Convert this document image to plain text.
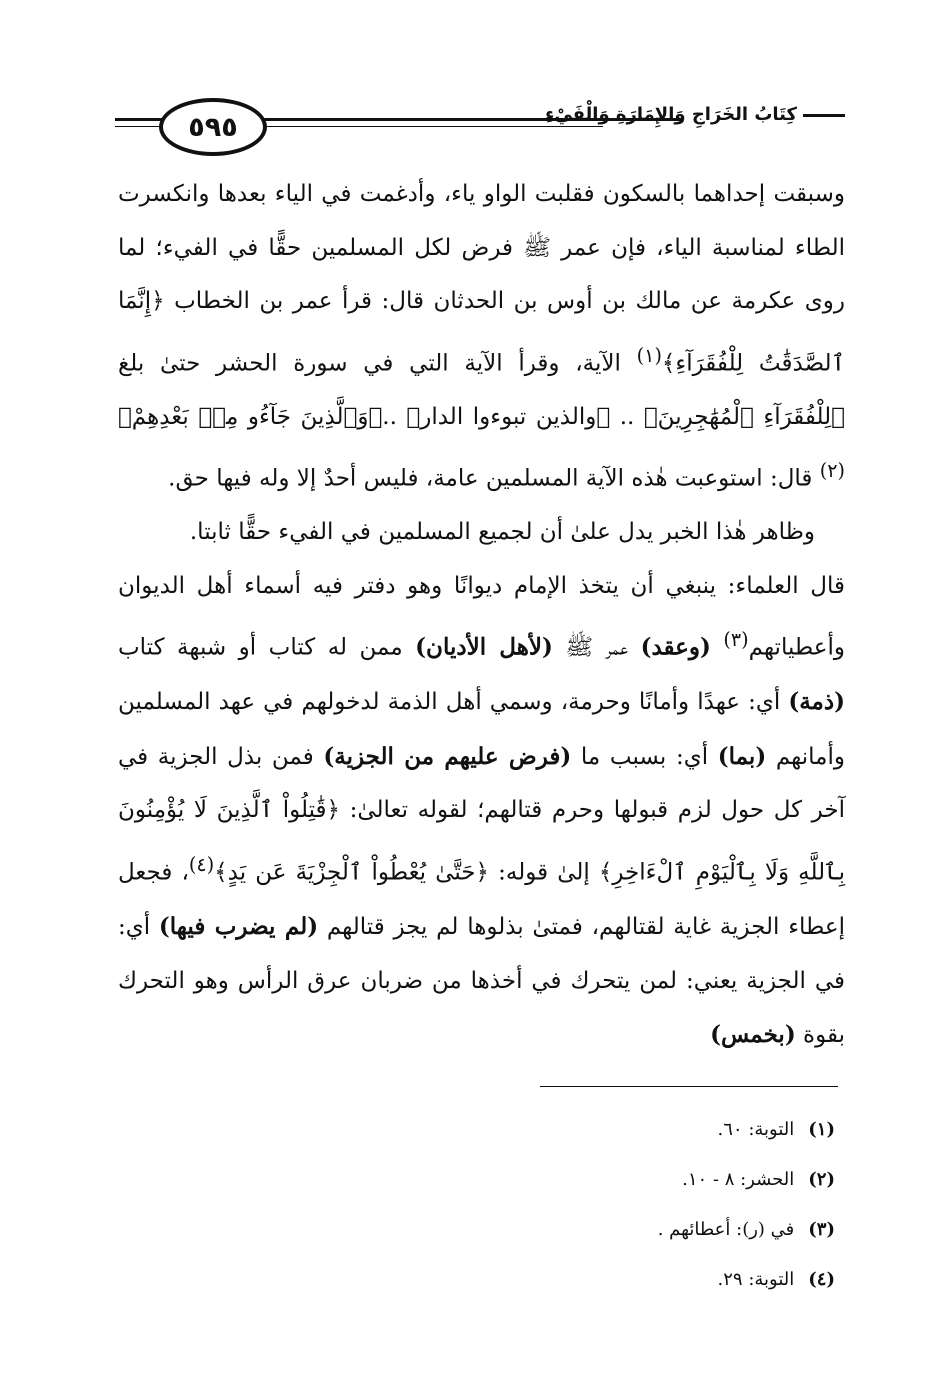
٥٩٥	كِتَابُ الخَرَاجِ وَالإِمَارَةِ وَالْفَيْءِ

وسبقت إحداهما بالسكون فقلبت الواو ياء، وأدغمت في الياء بعدها وانكسرت الطاء لمناسبة الياء، فإن عمر ﷺ فرض لكل المسلمين حقًّا في الفيء؛ لما روى عكرمة عن مالك بن أوس بن الحدثان قال: قرأ عمر بن الخطاب ﴿إِنَّمَا ٱلصَّدَقَٰتُ لِلْفُقَرَآءِ﴾$^{(١)}$ الآية، وقرأ الآية التي في سورة الحشر حتىٰ بلغ ﴿لِلْفُقَرَآءِ ٱلْمُهَٰجِرِينَ﴾ .. ﴿والذين تبوءوا الدار﴾ ..﴿وَٱلَّذِينَ جَآءُو مِنۢ بَعْدِهِمْ﴾$^{(٢)}$ قال: استوعبت هٰذه الآية المسلمين عامة، فليس أحدٌ إلا وله فيها حق.

وظاهر هٰذا الخبر يدل علىٰ أن لجميع المسلمين في الفيء حقًّا ثابتا.

قال العلماء: ينبغي أن يتخذ الإمام ديوانًا وهو دفتر فيه أسماء أهل الديوان وأعطياتهم$^{(٣)}$ (وعقد) عمر ﷺ (لأهل الأديان) ممن له كتاب أو شبهة كتاب (ذمة) أي: عهدًا وأمانًا وحرمة، وسمي أهل الذمة لدخولهم في عهد المسلمين وأمانهم (بما) أي: بسبب ما (فرض عليهم من الجزية) فمن بذل الجزية في آخر كل حول لزم قبولها وحرم قتالهم؛ لقوله تعالىٰ: ﴿قَٰتِلُواْ ٱلَّذِينَ لَا يُؤْمِنُونَ بِٱللَّهِ وَلَا بِٱلْيَوْمِ ٱلْءَاخِرِ﴾ إلىٰ قوله: ﴿حَتَّىٰ يُعْطُواْ ٱلْجِزْيَةَ عَن يَدٍ﴾$^{(٤)}$، فجعل إعطاء الجزية غاية لقتالهم، فمتىٰ بذلوها لم يجز قتالهم (لم يضرب فيها) أي: في الجزية يعني: لمن يتحرك في أخذها من ضربان عرق الرأس وهو التحرك بقوة (بخمس)

(١)التوبة: ٦٠.
(٢)الحشر: ٨ - ١٠.
(٣)في (ر): أعطائهم .
(٤)التوبة: ٢٩.
